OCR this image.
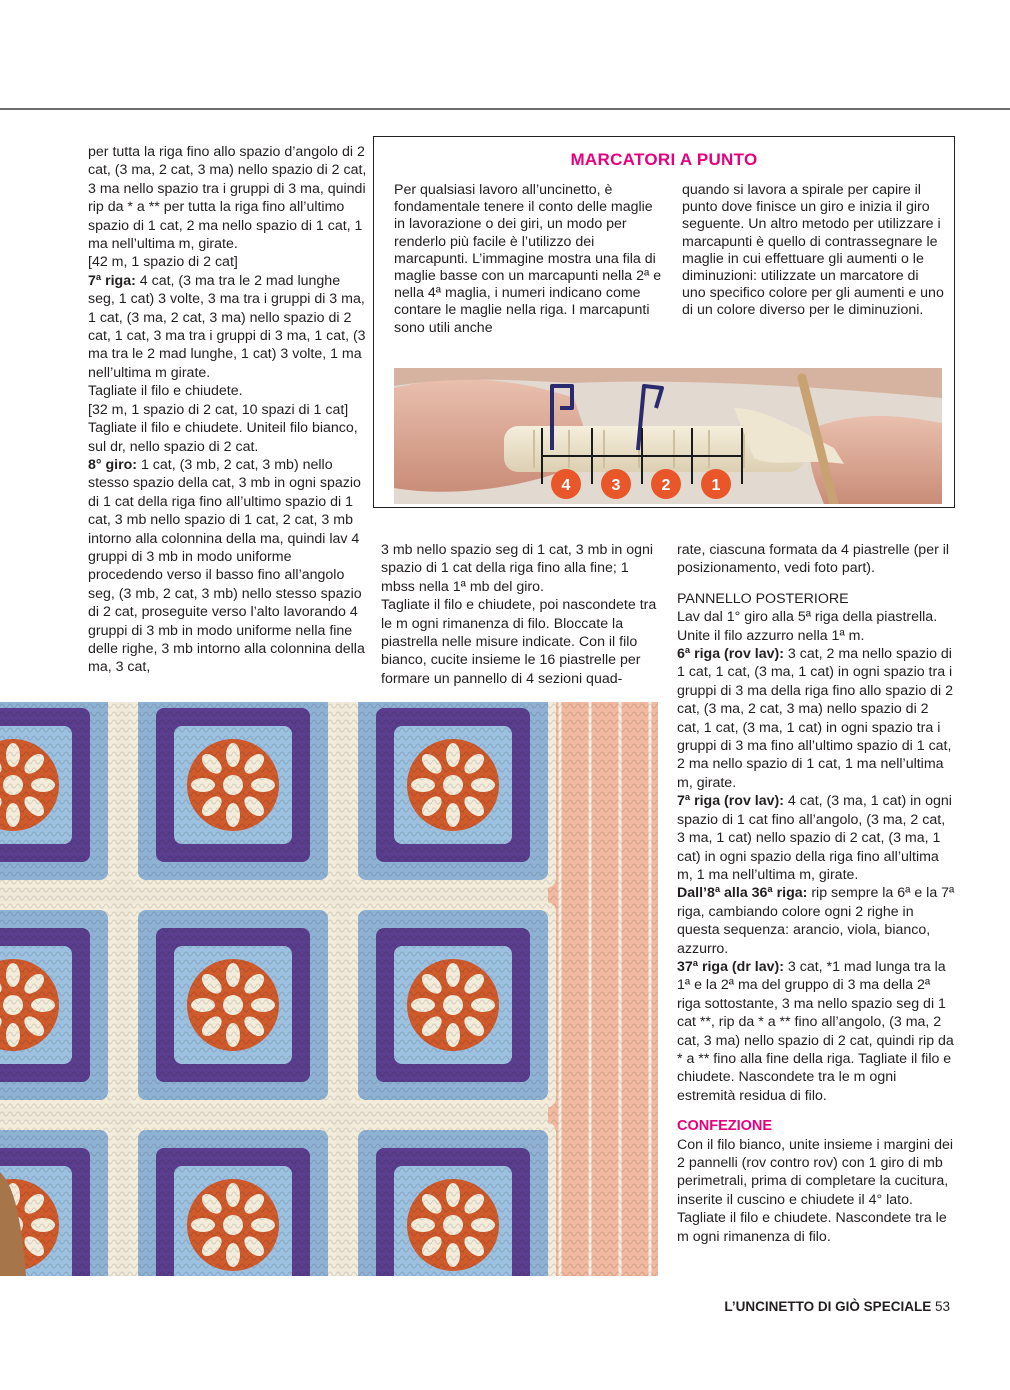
per tutta la riga fino allo spazio d’angolo di 2 cat, (3 ma, 2 cat, 3 ma) nello spazio di 2 cat, 3 ma nello spazio tra i gruppi di 3 ma, quindi rip da * a ** per tutta la riga fino all’ultimo spazio di 1 cat, 2 ma nello spazio di 1 cat, 1 ma nell’ultima m, girate.

[42 m, 1 spazio di 2 cat]

7ª riga: 4 cat, (3 ma tra le 2 mad lunghe seg, 1 cat) 3 volte, 3 ma tra i gruppi di 3 ma, 1 cat, (3 ma, 2 cat, 3 ma) nello spazio di 2 cat, 1 cat, 3 ma tra i gruppi di 3 ma, 1 cat, (3 ma tra le 2 mad lunghe, 1 cat) 3 volte, 1 ma nell’ultima m girate.

Tagliate il filo e chiudete.

[32 m, 1 spazio di 2 cat, 10 spazi di 1 cat]

Tagliate il filo e chiudete. Uniteil filo bianco, sul dr, nello spazio di 2 cat.

8° giro: 1 cat, (3 mb, 2 cat, 3 mb) nello stesso spazio della cat, 3 mb in ogni spazio di 1 cat della riga fino all’ultimo spazio di 1 cat, 3 mb nello spazio di 1 cat, 2 cat, 3 mb intorno alla colonnina della ma, quindi lav 4 gruppi di 3 mb in modo uniforme procedendo verso il basso fino all’angolo seg, (3 mb, 2 cat, 3 mb) nello stesso spazio di 2 cat, proseguite verso l’alto lavorando 4 gruppi di 3 mb in modo uniforme nella fine delle righe, 3 mb intorno alla colonnina della ma, 3 cat,

MARCATORI A PUNTO
Per qualsiasi lavoro all’uncinetto, è fondamentale tenere il conto delle maglie in lavorazione o dei giri, un modo per renderlo più facile è l’utilizzo dei marcapunti. L’immagine mostra una fila di maglie basse con un marcapunti nella 2ª e nella 4ª maglia, i numeri indicano come contare le maglie nella riga. I marcapunti sono utili anche
quando si lavora a spirale per capire il punto dove finisce un giro e inizia il giro seguente. Un altro metodo per utilizzare i marcapunti è quello di contrassegnare le maglie in cui effettuare gli aumenti o le diminuzioni: utilizzate un marcatore di uno specifico colore per gli aumenti e uno di un colore diverso per le diminuzioni.
4	3	2	1

3 mb nello spazio seg di 1 cat, 3 mb in ogni spazio di 1 cat della riga fino alla fine; 1 mbss nella 1ª mb del giro.

Tagliate il filo e chiudete, poi nascondete tra le m ogni rimanenza di filo. Bloccate la piastrella nelle misure indicate. Con il filo bianco, cucite insieme le 16 piastrelle per formare un pannello di 4 sezioni quad-

rate, ciascuna formata da 4 piastrelle (per il posizionamento, vedi foto part).

PANNELLO POSTERIORE

Lav dal 1° giro alla 5ª riga della piastrella. Unite il filo azzurro nella 1ª m.

6ª riga (rov lav): 3 cat, 2 ma nello spazio di 1 cat, 1 cat, (3 ma, 1 cat) in ogni spazio tra i gruppi di 3 ma della riga fino allo spazio di 2 cat, (3 ma, 2 cat, 3 ma) nello spazio di 2 cat, 1 cat, (3 ma, 1 cat) in ogni spazio tra i gruppi di 3 ma fino all’ultimo spazio di 1 cat, 2 ma nello spazio di 1 cat, 1 ma nell’ultima m, girate.

7ª riga (rov lav): 4 cat, (3 ma, 1 cat) in ogni spazio di 1 cat fino all’angolo, (3 ma, 2 cat, 3 ma, 1 cat) nello spazio di 2 cat, (3 ma, 1 cat) in ogni spazio della riga fino all’ultima m, 1 ma nell’ultima m, girate.

Dall’8ª alla 36ª riga: rip sempre la 6ª e la 7ª riga, cambiando colore ogni 2 righe in questa sequenza: arancio, viola, bianco, azzurro.

37ª riga (dr lav): 3 cat, *1 mad lunga tra la 1ª e la 2ª ma del gruppo di 3 ma della 2ª riga sottostante, 3 ma nello spazio seg di 1 cat **, rip da * a ** fino all’angolo, (3 ma, 2 cat, 3 ma) nello spazio di 2 cat, quindi rip da * a ** fino alla fine della riga. Tagliate il filo e chiudete. Nascondete tra le m ogni estremità residua di filo.

CONFEZIONE

Con il filo bianco, unite insieme i margini dei 2 pannelli (rov contro rov) con 1 giro di mb perimetrali, prima di completare la cucitura, inserite il cuscino e chiudete il 4° lato. Tagliate il filo e chiudete. Nascondete tra le m ogni rimanenza di filo.

L’UNCINETTO DI GIÒ SPECIALE 53
